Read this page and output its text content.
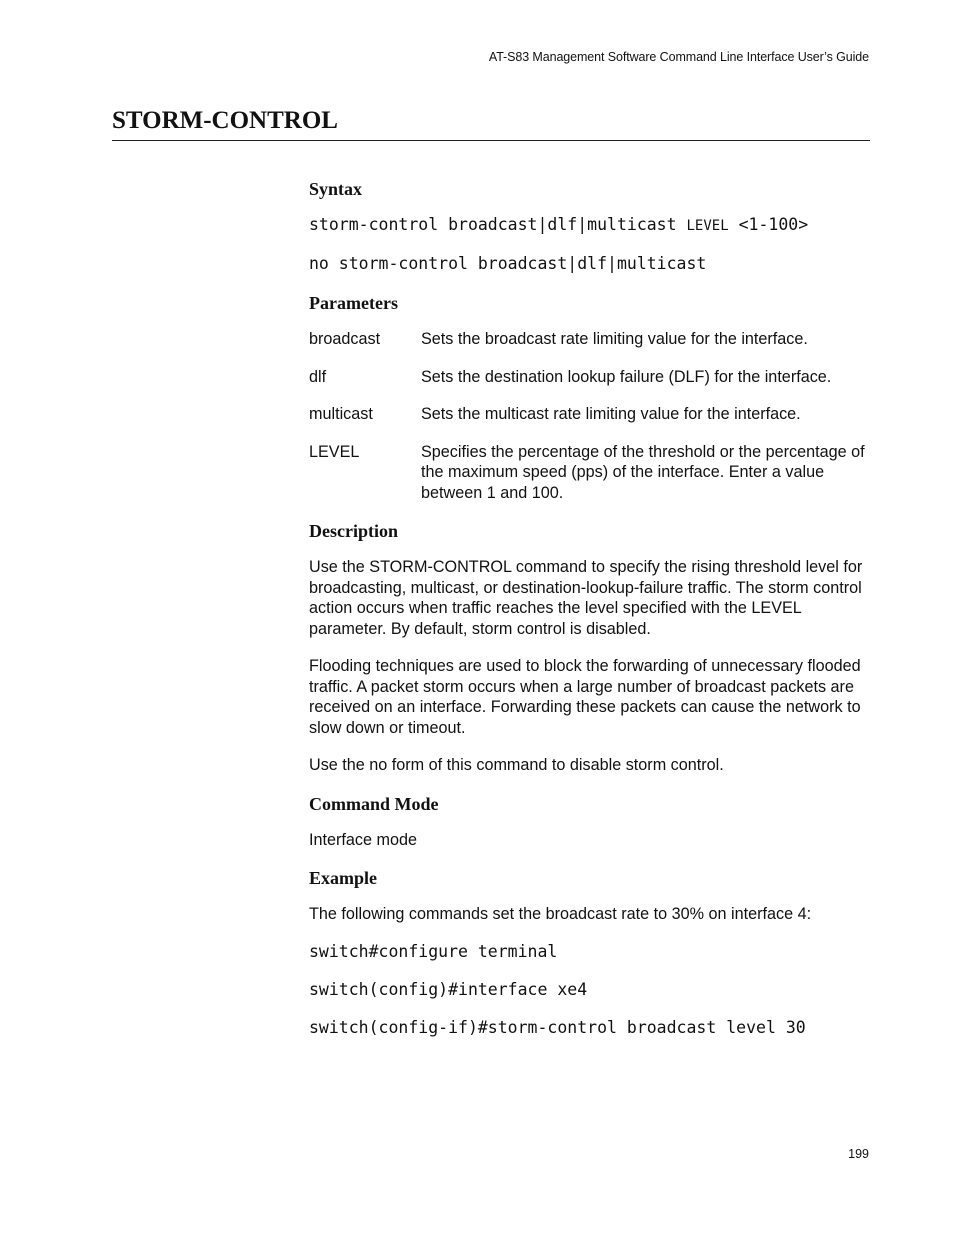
AT-S83 Management Software Command Line Interface User’s Guide
STORM-CONTROL
Syntax
storm-control broadcast|dlf|multicast LEVEL <1-100>
no storm-control broadcast|dlf|multicast
Parameters
broadcast	Sets the broadcast rate limiting value for the interface.
dlf	Sets the destination lookup failure (DLF) for the interface.
multicast	Sets the multicast rate limiting value for the interface.
LEVEL	Specifies the percentage of the threshold or the percentage of the maximum speed (pps) of the interface. Enter a value between 1 and 100.
Description

Use the STORM-CONTROL command to specify the rising threshold level for broadcasting, multicast, or destination-lookup-failure traffic. The storm control action occurs when traffic reaches the level specified with the LEVEL parameter. By default, storm control is disabled.

Flooding techniques are used to block the forwarding of unnecessary flooded traffic. A packet storm occurs when a large number of broadcast packets are received on an interface. Forwarding these packets can cause the network to slow down or timeout.

Use the no form of this command to disable storm control.

Command Mode

Interface mode

Example

The following commands set the broadcast rate to 30% on interface 4:

switch#configure terminal
switch(config)#interface xe4
switch(config-if)#storm-control broadcast level 30
199
